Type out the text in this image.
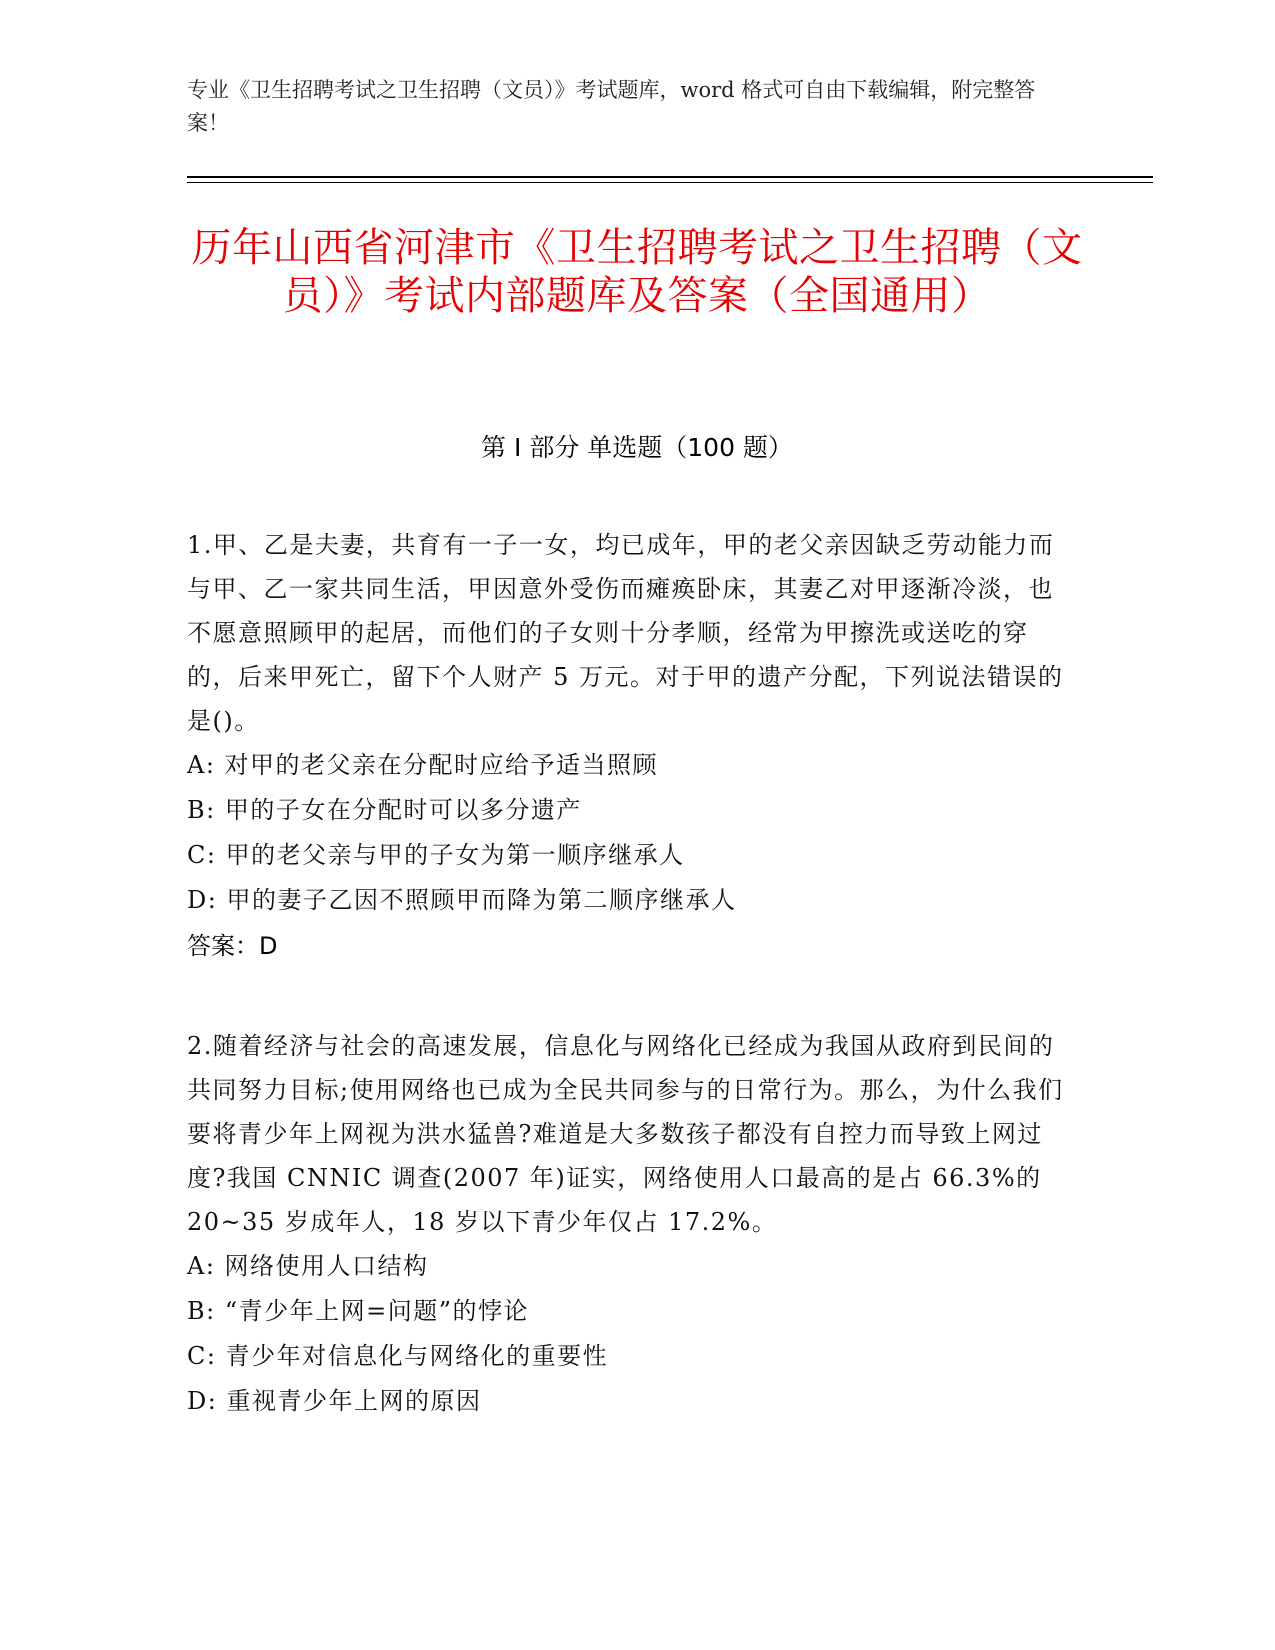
专业《卫生招聘考试之卫生招聘（文员）》考试题库，word 格式可自由下载编辑，附完整答案！
历年山西省河津市《卫生招聘考试之卫生招聘（文员）》考试内部题库及答案（全国通用）
第 I 部分 单选题（100 题）

1.甲、乙是夫妻，共育有一子一女，均已成年，甲的老父亲因缺乏劳动能力而与甲、乙一家共同生活，甲因意外受伤而瘫痪卧床，其妻乙对甲逐渐冷淡，也不愿意照顾甲的起居，而他们的子女则十分孝顺，经常为甲擦洗或送吃的穿的，后来甲死亡，留下个人财产 5 万元。对于甲的遗产分配，下列说法错误的是()。

A: 对甲的老父亲在分配时应给予适当照顾

B: 甲的子女在分配时可以多分遗产

C: 甲的老父亲与甲的子女为第一顺序继承人

D: 甲的妻子乙因不照顾甲而降为第二顺序继承人

答案：D

2.随着经济与社会的高速发展，信息化与网络化已经成为我国从政府到民间的共同努力目标;使用网络也已成为全民共同参与的日常行为。那么，为什么我们要将青少年上网视为洪水猛兽?难道是大多数孩子都没有自控力而导致上网过度?我国 CNNIC 调查(2007 年)证实，网络使用人口最高的是占 66.3%的 20~35 岁成年人，18 岁以下青少年仅占 17.2%。

A: 网络使用人口结构

B: “青少年上网=问题”的悖论

C: 青少年对信息化与网络化的重要性

D: 重视青少年上网的原因
